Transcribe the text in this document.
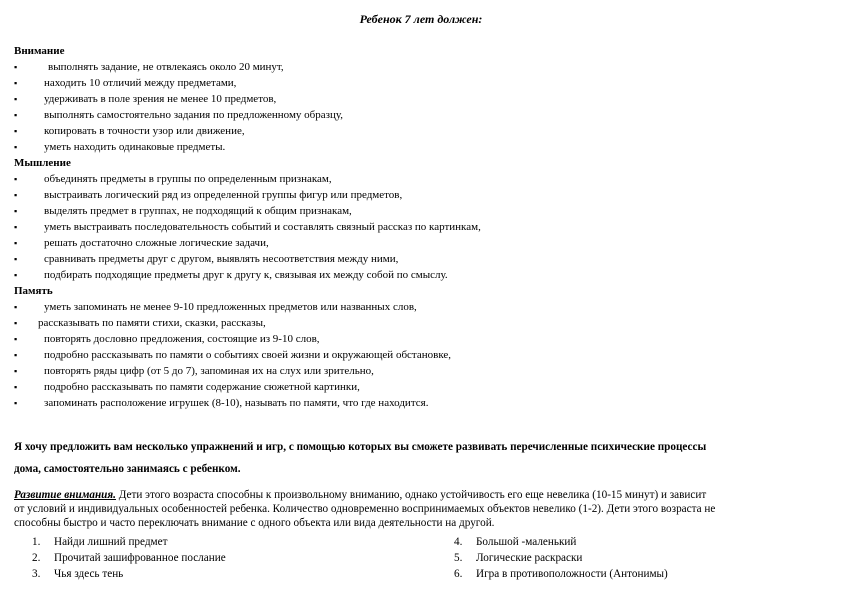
Ребенок 7 лет должен:
Внимание
▪	выполнять задание, не отвлекаясь около 20 минут,
▪ находить 10 отличий между предметами,
▪ удерживать в поле зрения не менее 10 предметов,
▪ выполнять самостоятельно задания по предложенному образцу,
▪ копировать в точности узор или движение,
▪ уметь находить одинаковые предметы.
Мышление
▪ объединять предметы в группы по определенным признакам,
▪ выстраивать логический ряд из определенной группы фигур или предметов,
▪ выделять предмет в группах, не подходящий к общим признакам,
▪ уметь выстраивать последовательность событий и составлять связный рассказ по картинкам,
▪ решать достаточно сложные логические задачи,
▪ сравнивать предметы друг с другом, выявлять несоответствия между ними,
▪ подбирать подходящие предметы друг к другу к, связывая их между собой по смыслу.
Память
▪ уметь запоминать не менее 9-10 предложенных предметов или названных слов,
▪ рассказывать по памяти стихи, сказки, рассказы,
▪ повторять дословно предложения, состоящие из 9-10 слов,
▪ подробно рассказывать по памяти о событиях своей жизни и окружающей обстановке,
▪ повторять ряды цифр (от 5 до 7), запоминая их на слух или зрительно,
▪ подробно рассказывать по памяти содержание сюжетной картинки,
▪ запоминать расположение игрушек (8-10), называть по памяти, что где находится.
Я хочу предложить вам несколько упражнений и игр, с помощью которых вы сможете развивать перечисленные психические процессы
дома, самостоятельно занимаясь с ребенком.
Развитие внимания. Дети этого возраста способны к произвольному вниманию, однако устойчивость его еще невелика (10-15 минут) и зависит
от условий и индивидуальных особенностей ребенка. Количество одновременно воспринимаемых объектов невелико (1-2). Дети этого возраста не
способны быстро и часто переключать внимание с одного объекта или вида деятельности на другой.
1. Найди лишний предмет
2. Прочитай зашифрованное послание
3. Чья здесь тень
4. Большой -маленький
5. Логические раскраски
6. Игра в противоположности (Антонимы)
